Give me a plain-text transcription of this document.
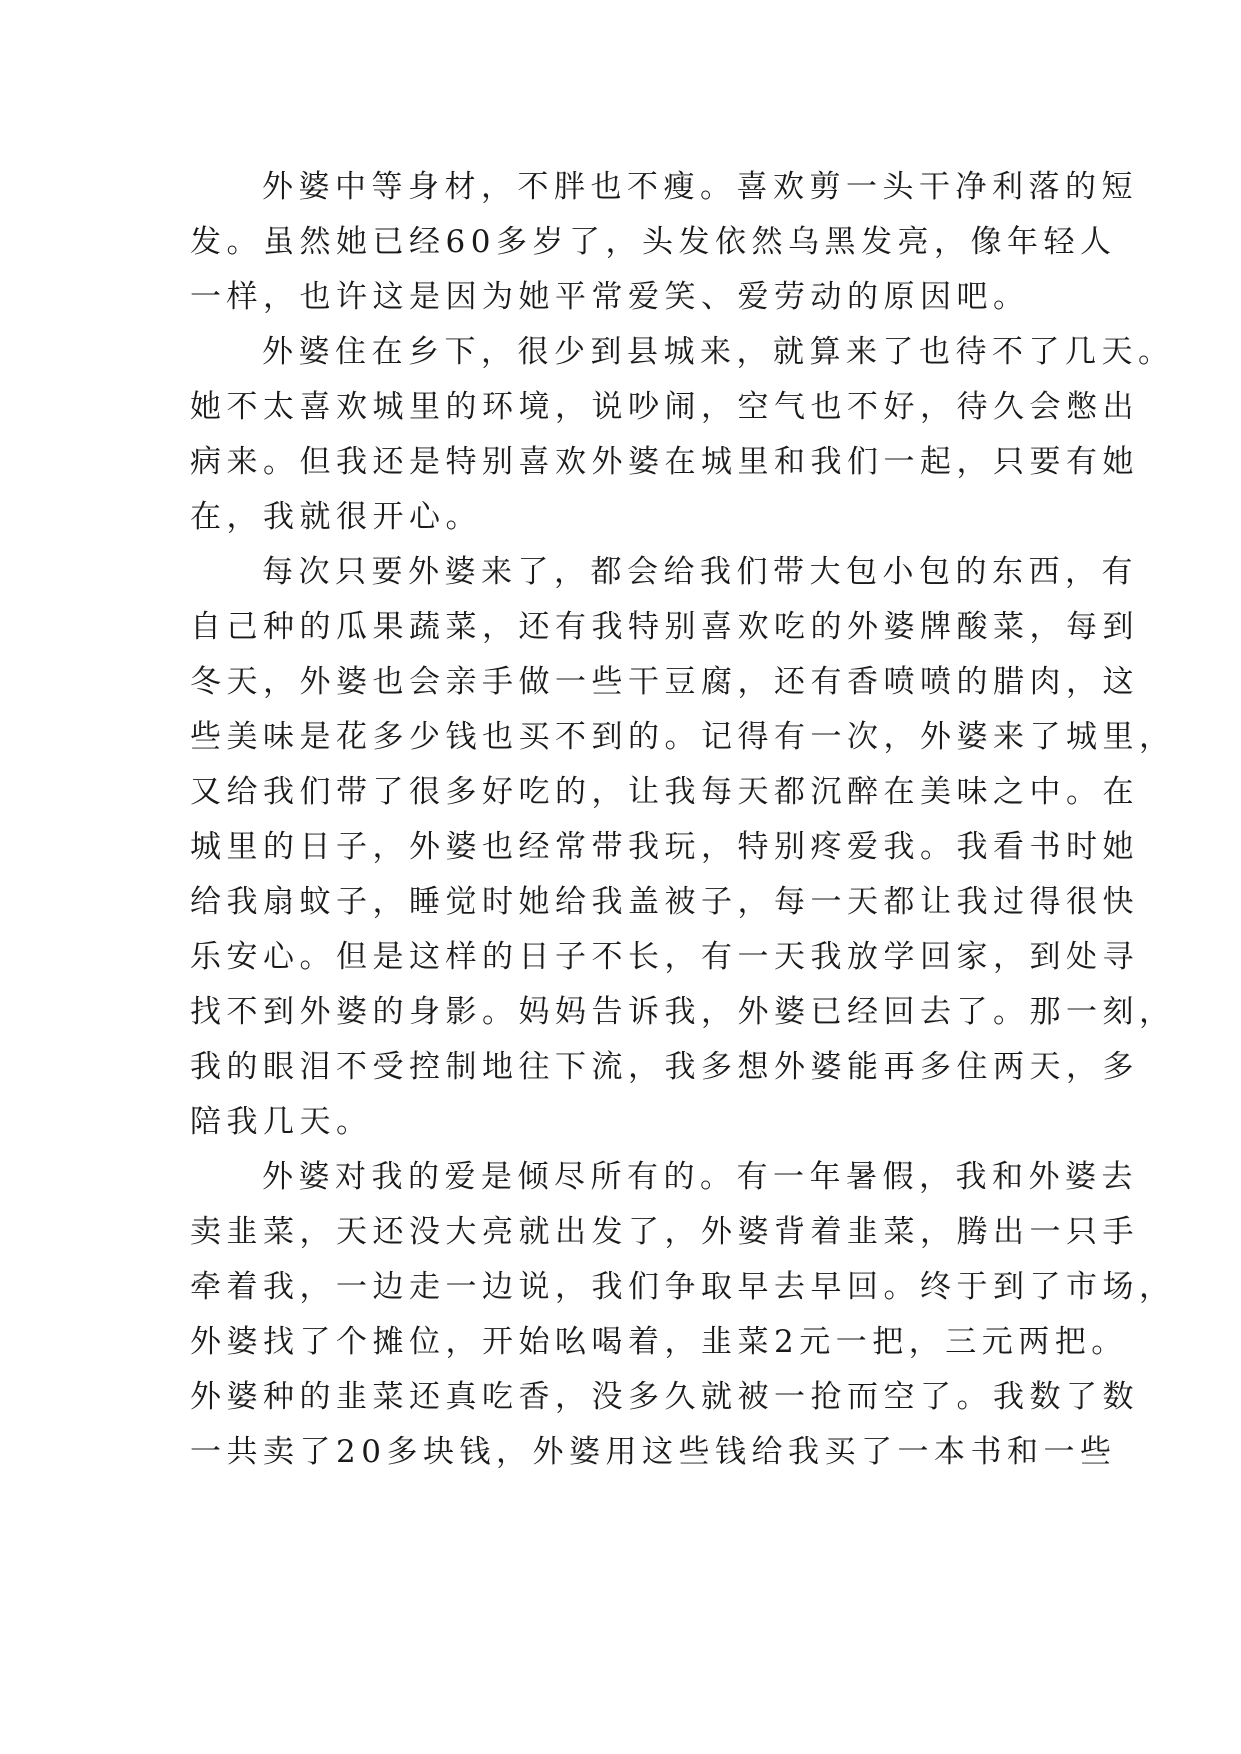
外婆中等身材，不胖也不瘦。喜欢剪一头干净利落的短
发。虽然她已经60多岁了，头发依然乌黑发亮，像年轻人
一样，也许这是因为她平常爱笑、爱劳动的原因吧。
外婆住在乡下，很少到县城来，就算来了也待不了几天。
她不太喜欢城里的环境，说吵闹，空气也不好，待久会憋出
病来。但我还是特别喜欢外婆在城里和我们一起，只要有她
在，我就很开心。
每次只要外婆来了，都会给我们带大包小包的东西，有
自己种的瓜果蔬菜，还有我特别喜欢吃的外婆牌酸菜，每到
冬天，外婆也会亲手做一些干豆腐，还有香喷喷的腊肉，这
些美味是花多少钱也买不到的。记得有一次，外婆来了城里，
又给我们带了很多好吃的，让我每天都沉醉在美味之中。在
城里的日子，外婆也经常带我玩，特别疼爱我。我看书时她
给我扇蚊子，睡觉时她给我盖被子，每一天都让我过得很快
乐安心。但是这样的日子不长，有一天我放学回家，到处寻
找不到外婆的身影。妈妈告诉我，外婆已经回去了。那一刻，
我的眼泪不受控制地往下流，我多想外婆能再多住两天，多
陪我几天。
外婆对我的爱是倾尽所有的。有一年暑假，我和外婆去
卖韭菜，天还没大亮就出发了，外婆背着韭菜，腾出一只手
牵着我，一边走一边说，我们争取早去早回。终于到了市场，
外婆找了个摊位，开始吆喝着，韭菜2元一把，三元两把。
外婆种的韭菜还真吃香，没多久就被一抢而空了。我数了数
一共卖了20多块钱，外婆用这些钱给我买了一本书和一些
